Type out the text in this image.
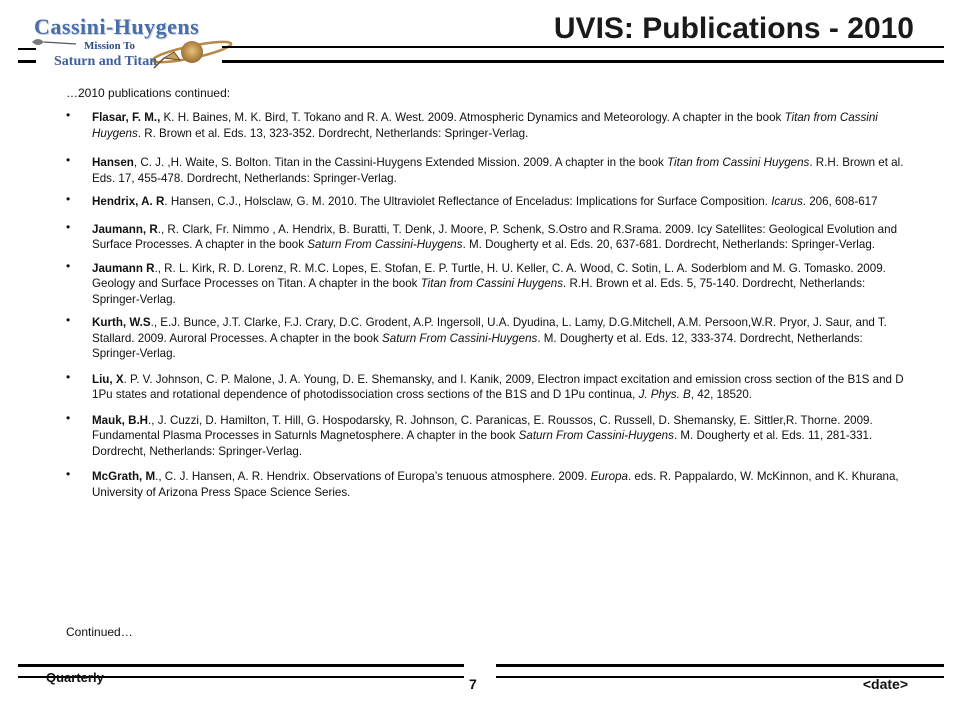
Cassini-Huygens
Mission To
Saturn and Titan
UVIS: Publications - 2010
…2010 publications continued:
• Flasar, F. M., K. H. Baines, M. K. Bird, T. Tokano and R. A. West. 2009. Atmospheric Dynamics and Meteorology. A chapter in the book Titan from Cassini Huygens. R. Brown et al. Eds. 13, 323-352. Dordrecht, Netherlands: Springer-Verlag.
• Hansen, C. J. ,H. Waite, S. Bolton. Titan in the Cassini-Huygens Extended Mission. 2009. A chapter in the book Titan from Cassini Huygens. R.H. Brown et al. Eds. 17, 455-478. Dordrecht, Netherlands: Springer-Verlag.
• Hendrix, A. R. Hansen, C.J., Holsclaw, G. M. 2010. The Ultraviolet Reflectance of Enceladus: Implications for Surface Composition. Icarus. 206, 608-617
• Jaumann, R., R. Clark, Fr. Nimmo , A. Hendrix, B. Buratti, T. Denk, J. Moore, P. Schenk, S.Ostro and R.Srama. 2009. Icy Satellites: Geological Evolution and Surface Processes. A chapter in the book Saturn From Cassini-Huygens. M. Dougherty et al. Eds. 20, 637-681. Dordrecht, Netherlands: Springer-Verlag.
• Jaumann R., R. L. Kirk, R. D. Lorenz, R. M.C. Lopes, E. Stofan, E. P. Turtle, H. U. Keller, C. A. Wood, C. Sotin, L. A. Soderblom and M. G. Tomasko. 2009. Geology and Surface Processes on Titan. A chapter in the book Titan from Cassini Huygens. R.H. Brown et al. Eds. 5, 75-140. Dordrecht, Netherlands: Springer-Verlag.
• Kurth, W.S., E.J. Bunce, J.T. Clarke, F.J. Crary, D.C. Grodent, A.P. Ingersoll, U.A. Dyudina, L. Lamy, D.G.Mitchell, A.M. Persoon,W.R. Pryor, J. Saur, and T. Stallard. 2009. Auroral Processes. A chapter in the book Saturn From Cassini-Huygens. M. Dougherty et al. Eds. 12, 333-374. Dordrecht, Netherlands: Springer-Verlag.
• Liu, X. P. V. Johnson, C. P. Malone, J. A. Young, D. E. Shemansky, and I. Kanik, 2009, Electron impact excitation and emission cross section of the B1S and D 1Pu states and rotational dependence of photodissociation cross sections of the B1S and D 1Pu continua, J. Phys. B, 42, 18520.
• Mauk, B.H., J. Cuzzi, D. Hamilton, T. Hill, G. Hospodarsky, R. Johnson, C. Paranicas, E. Roussos, C. Russell, D. Shemansky, E. Sittler,R. Thorne. 2009. Fundamental Plasma Processes in Saturnls Magnetosphere. A chapter in the book Saturn From Cassini-Huygens. M. Dougherty et al. Eds. 11, 281-331. Dordrecht, Netherlands: Springer-Verlag.
• McGrath, M., C. J. Hansen, A. R. Hendrix. Observations of Europa’s tenuous atmosphere. 2009. Europa. eds. R. Pappalardo, W. McKinnon, and K. Khurana, University of Arizona Press Space Science Series.
Continued…
Quarterly	7	<date>
